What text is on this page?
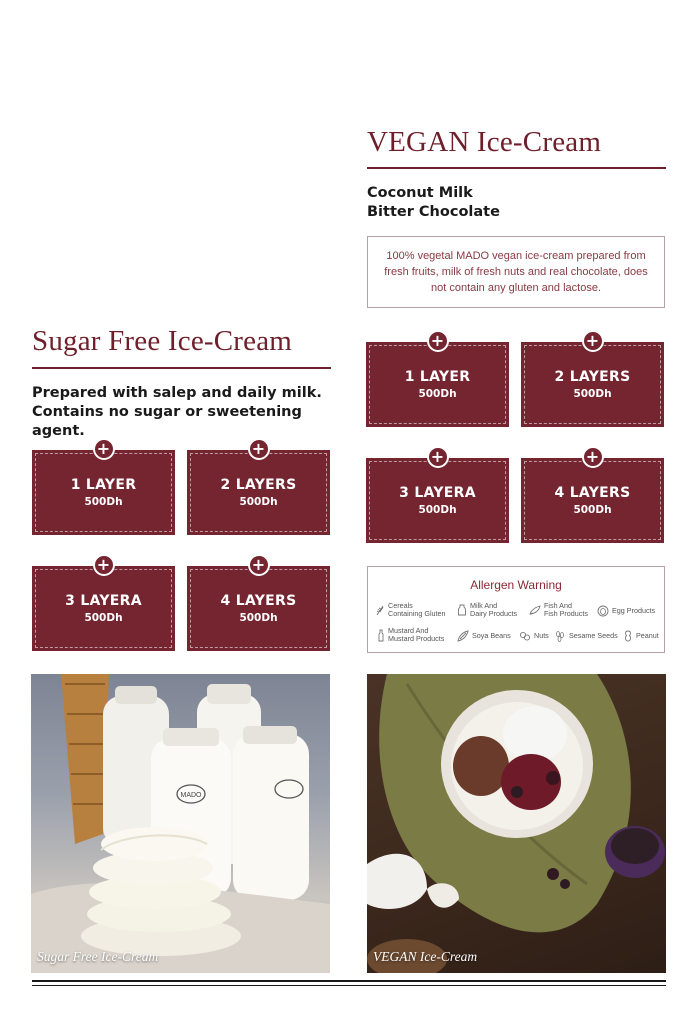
VEGAN Ice-Cream
Coconut Milk
Bitter Chocolate
100% vegetal MADO vegan ice-cream prepared from fresh fruits, milk of fresh nuts and real chocolate, does not contain any gluten and lactose.
+
1 LAYER
500Dh
+
2 LAYERS
500Dh
+
3 LAYERA
500Dh
+
4 LAYERS
500Dh
Allergen Warning
Cereals
Containing Gluten
Milk And
Dairy Products
Fish And
Fish Products	Egg Products
Mustard And
Mustard Products	Soya Beans	Nuts	Sesame Seeds	Peanut
Sugar Free Ice-Cream
Prepared with salep and daily milk. Contains no sugar or sweetening agent.
+
1 LAYER
500Dh
+
2 LAYERS
500Dh
+
3 LAYERA
500Dh
+
4 LAYERS
500Dh
MADO
Sugar Free Ice-Cream	VEGAN Ice-Cream
